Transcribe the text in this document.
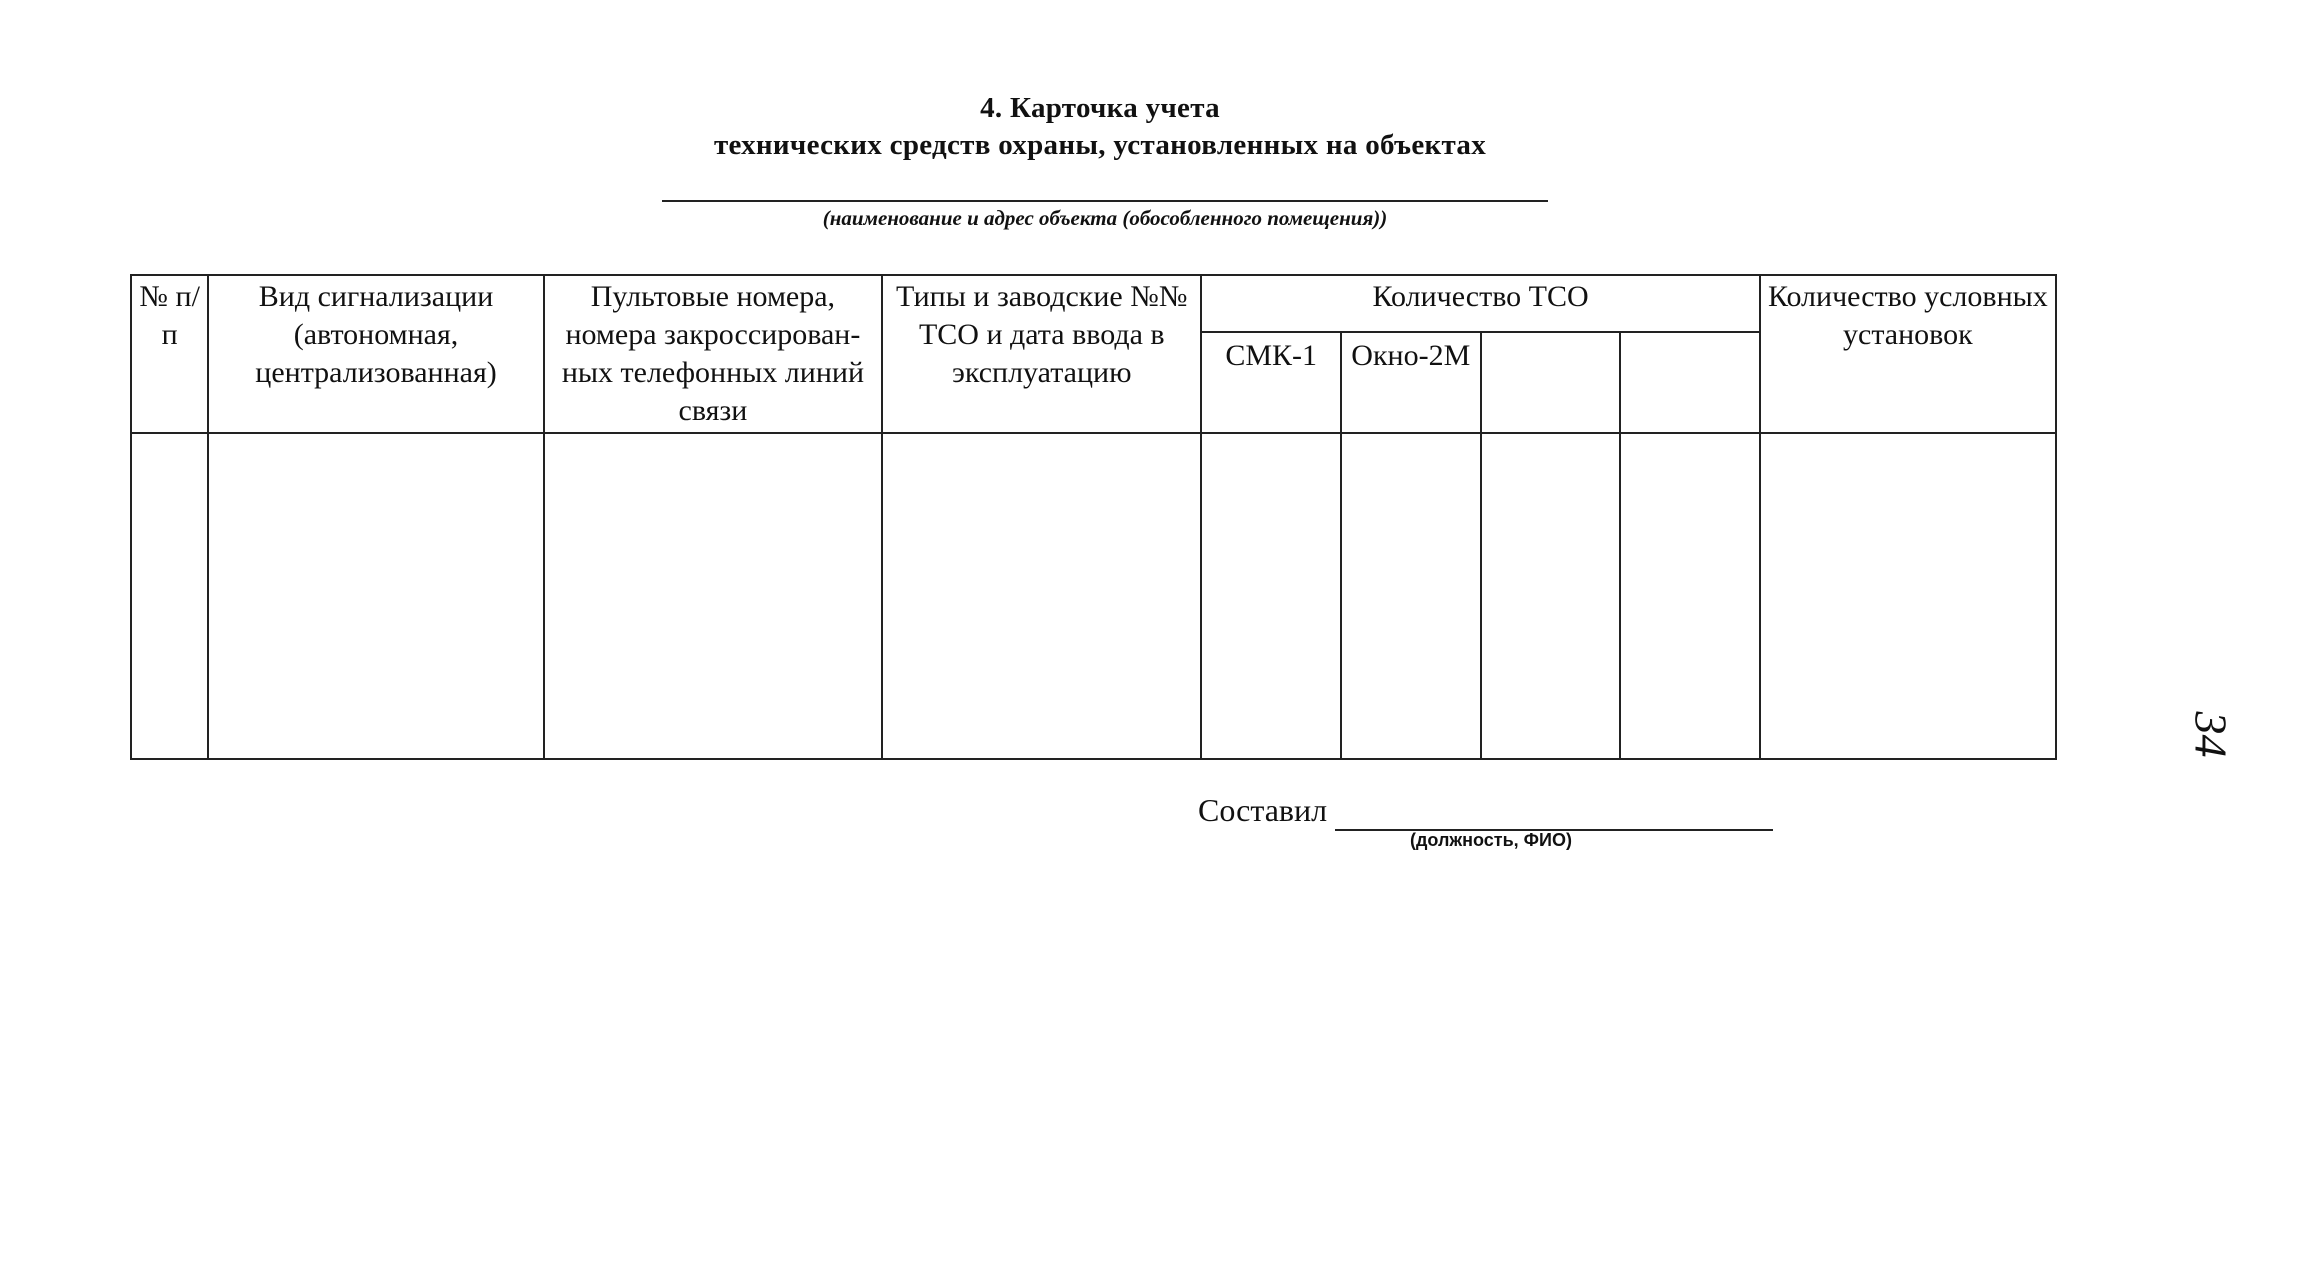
4. Карточка учета
технических средств охраны, установленных на объектах
(наименование и адрес объекта (обособленного помещения))
№ п/п	Вид сигнализации (автономная, централизованная)	Пультовые номера, номера закроссирован-ных телефонных линий связи	Типы и заводские №№ ТСО и дата ввода в эксплуатацию	Количество ТСО				Количество условных установок
				СМК-1	Окно-2М			

Составил
(должность, ФИО)
34
